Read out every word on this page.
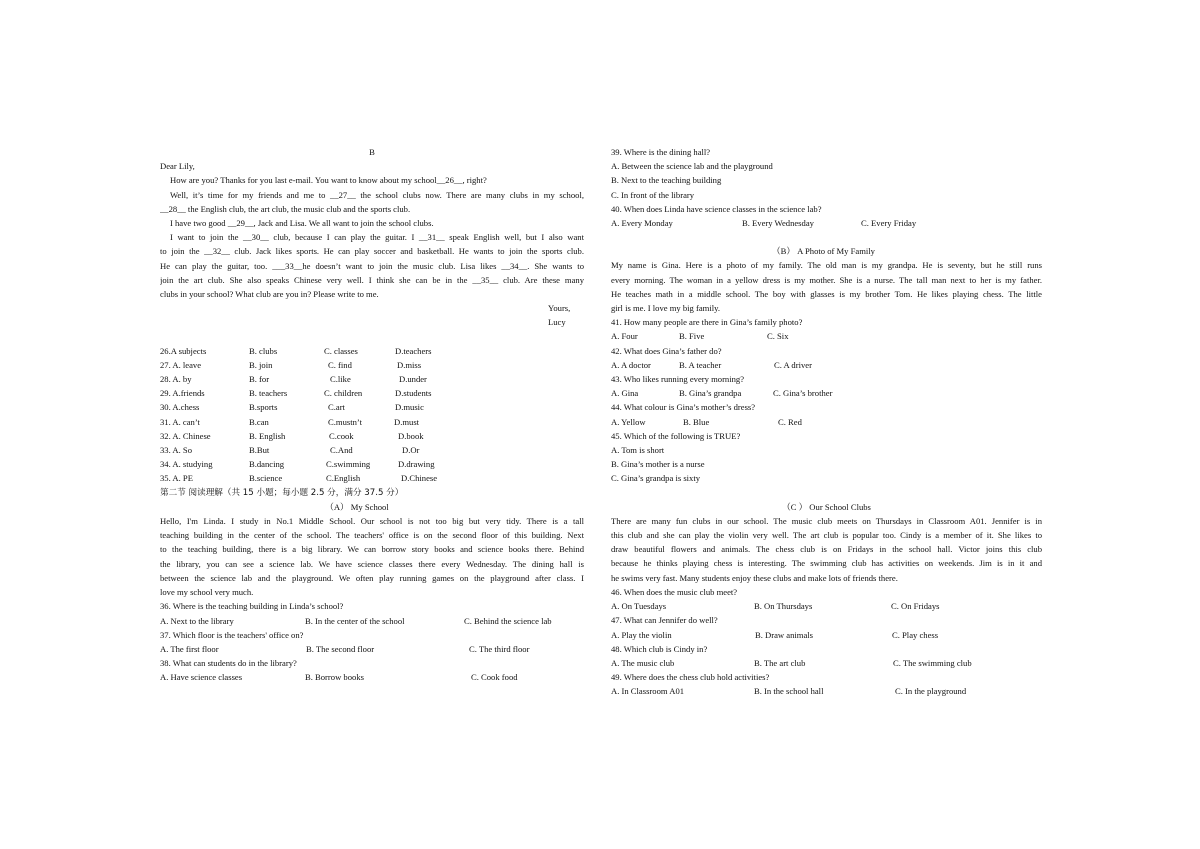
B
Dear Lily,
How are you? Thanks for you last e-mail. You want to know about my school__26__, right?
Well, it’s time for my friends and me to __27__ the school clubs now. There are many clubs in my school,
__28__ the English club, the art club, the music club and the sports club.
I have two good __29__, Jack and Lisa. We all want to join the school clubs.
I want to join the __30__ club, because I can play the guitar. I __31__ speak English well, but I also want
to join the __32__ club. Jack likes sports. He can play soccer and basketball. He wants to join the sports club.
He can play the guitar, too. ___33__he doesn’t want to join the music club. Lisa likes __34__. She wants to
join the art club. She also speaks Chinese very well. I think she can be in the __35__ club. Are these many
clubs in your school? What club are you in? Please write to me.
Yours,
Lucy
26.A subjects	B. clubs	C. classes	D.teachers
27. A. leave	B. join	C. find	D.miss
28. A. by	B. for	C.like	D.under
29. A.friends	B. teachers	C. children	D.students
30. A.chess	B.sports	C.art	D.music
31. A. can’t	B.can	C.mustn’t	D.must
32. A. Chinese	B. English	C.cook	D.book
33. A. So	B.But	C.And	D.Or
34. A. studying	B.dancing	C.swimming	D.drawing
35. A. PE	B.science	C.English	D.Chinese
第二节 阅读理解（共 15 小题；每小题 2.5 分，满分 37.5 分）
（A） My School
Hello, I'm Linda. I study in No.1 Middle School. Our school is not too big but very tidy. There is a tall
teaching building in the center of the school. The teachers' office is on the second floor of this building. Next
to the teaching building, there is a big library. We can borrow story books and science books there. Behind
the library, you can see a science lab. We have science classes there every Wednesday. The dining hall is
between the science lab and the playground. We often play running games on the playground after class. I
love my school very much.
36. Where is the teaching building in Linda’s school?
A. Next to the library	B. In the center of the school	C. Behind the science lab
37. Which floor is the teachers' office on?
A. The first floor	B. The second floor	C. The third floor
38. What can students do in the library?
A. Have science classes	B. Borrow books	C. Cook food
39. Where is the dining hall?
A. Between the science lab and the playground
B. Next to the teaching building
C. In front of the library
40. When does Linda have science classes in the science lab?
A. Every Monday	B. Every Wednesday	C. Every Friday
（B） A Photo of My Family
My name is Gina. Here is a photo of my family. The old man is my grandpa. He is seventy, but he still runs
every morning. The woman in a yellow dress is my mother. She is a nurse. The tall man next to her is my father.
He teaches math in a middle school. The boy with glasses is my brother Tom. He likes playing chess. The little
girl is me. I love my big family.
41. How many people are there in Gina’s family photo?
A. Four	B. Five	C. Six
42. What does Gina’s father do?
A. A doctor	B. A teacher	C. A driver
43. Who likes running every morning?
A. Gina	B. Gina’s grandpa	C. Gina’s brother
44. What colour is Gina’s mother’s dress?
A. Yellow	B. Blue	C. Red
45. Which of the following is TRUE?
A. Tom is short
B. Gina’s mother is a nurse
C. Gina’s grandpa is sixty
（C ） Our School Clubs
There are many fun clubs in our school. The music club meets on Thursdays in Classroom A01. Jennifer is in
this club and she can play the violin very well. The art club is popular too. Cindy is a member of it. She likes to
draw beautiful flowers and animals. The chess club is on Fridays in the school hall. Victor joins this club
because he thinks playing chess is interesting. The swimming club has activities on weekends. Jim is in it and
he swims very fast. Many students enjoy these clubs and make lots of friends there.
46. When does the music club meet?
A. On Tuesdays	B. On Thursdays	C. On Fridays
47. What can Jennifer do well?
A. Play the violin	B. Draw animals	C. Play chess
48. Which club is Cindy in?
A. The music club	B. The art club	C. The swimming club
49. Where does the chess club hold activities?
A. In Classroom A01	B. In the school hall	C. In the playground
